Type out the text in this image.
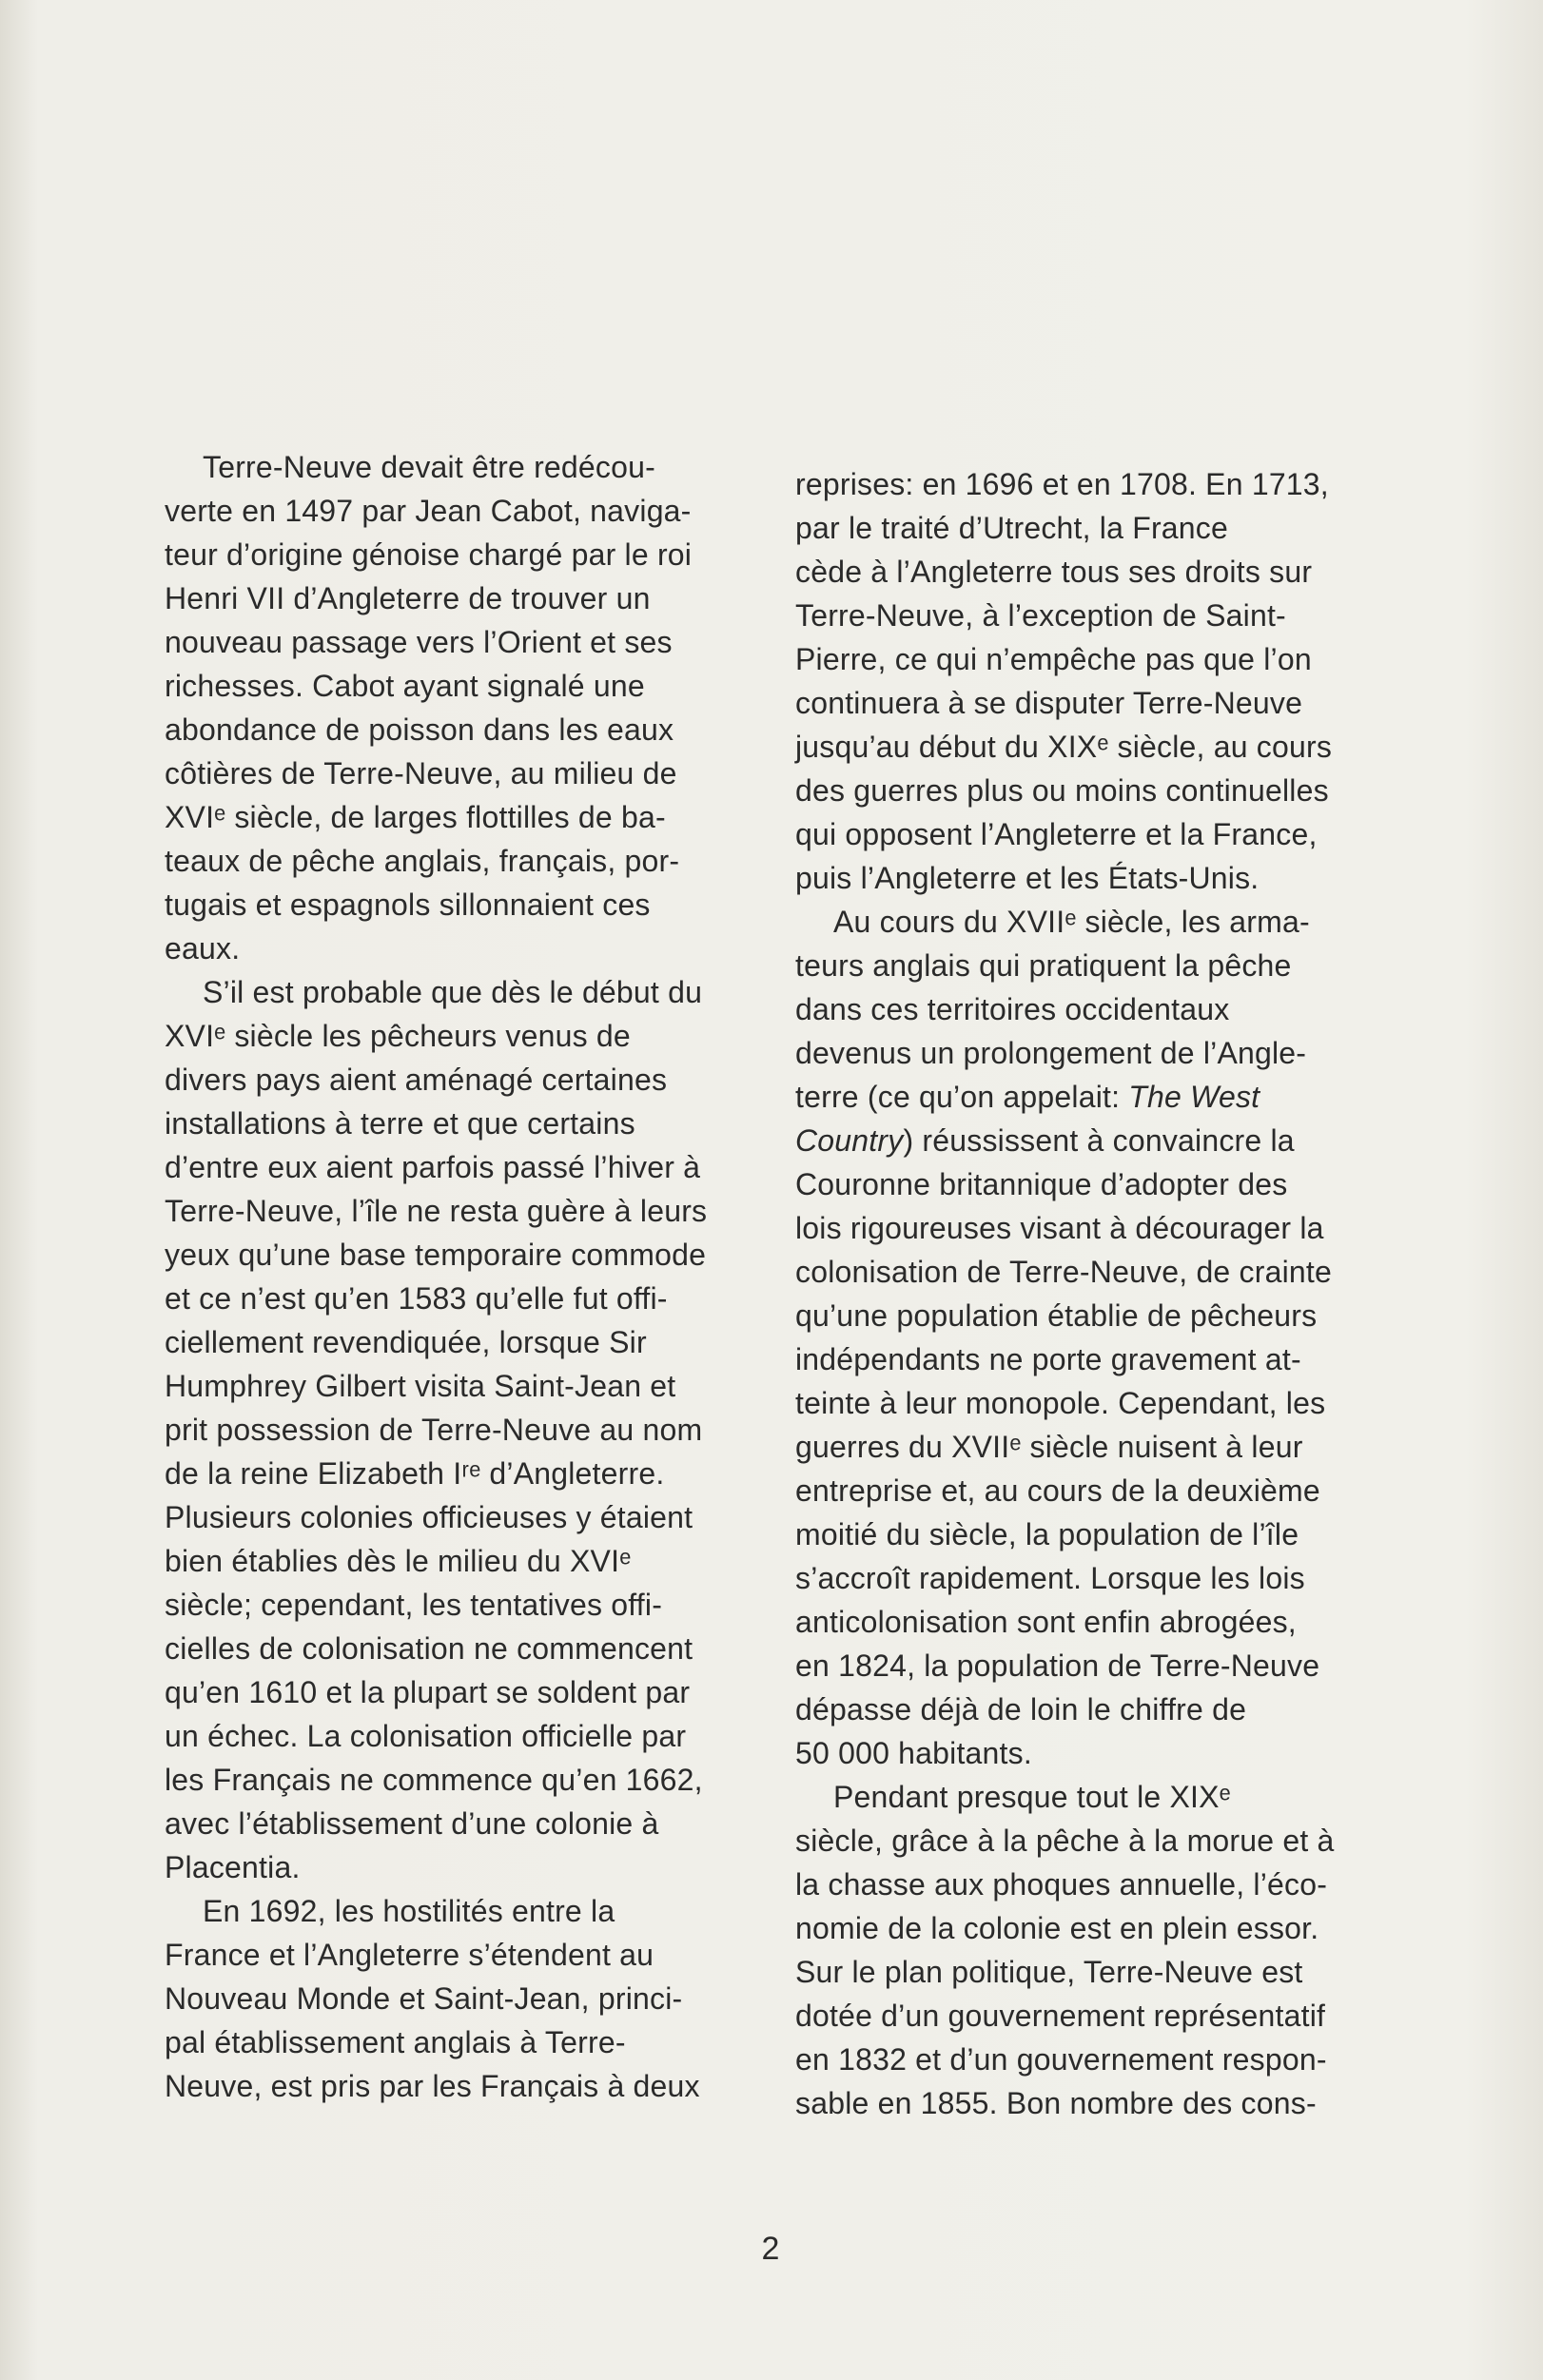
Terre-Neuve devait être redécou-
verte en 1497 par Jean Cabot, naviga-
teur d’origine génoise chargé par le roi
Henri VII d’Angleterre de trouver un
nouveau passage vers l’Orient et ses
richesses. Cabot ayant signalé une
abondance de poisson dans les eaux
côtières de Terre-Neuve, au milieu de
XVIᵉ siècle, de larges flottilles de ba-
teaux de pêche anglais, français, por-
tugais et espagnols sillonnaient ces
eaux.

S’il est probable que dès le début du
XVIᵉ siècle les pêcheurs venus de
divers pays aient aménagé certaines
installations à terre et que certains
d’entre eux aient parfois passé l’hiver à
Terre-Neuve, l’île ne resta guère à leurs
yeux qu’une base temporaire commode
et ce n’est qu’en 1583 qu’elle fut offi-
ciellement revendiquée, lorsque Sir
Humphrey Gilbert visita Saint-Jean et
prit possession de Terre-Neuve au nom
de la reine Elizabeth Iʳᵉ d’Angleterre.
Plusieurs colonies officieuses y étaient
bien établies dès le milieu du XVIᵉ
siècle; cependant, les tentatives offi-
cielles de colonisation ne commencent
qu’en 1610 et la plupart se soldent par
un échec. La colonisation officielle par
les Français ne commence qu’en 1662,
avec l’établissement d’une colonie à
Placentia.

En 1692, les hostilités entre la
France et l’Angleterre s’étendent au
Nouveau Monde et Saint-Jean, princi-
pal établissement anglais à Terre-
Neuve, est pris par les Français à deux

reprises: en 1696 et en 1708. En 1713,
par le traité d’Utrecht, la France
cède à l’Angleterre tous ses droits sur
Terre-Neuve, à l’exception de Saint-
Pierre, ce qui n’empêche pas que l’on
continuera à se disputer Terre-Neuve
jusqu’au début du XIXᵉ siècle, au cours
des guerres plus ou moins continuelles
qui opposent l’Angleterre et la France,
puis l’Angleterre et les États-Unis.

Au cours du XVIIᵉ siècle, les arma-
teurs anglais qui pratiquent la pêche
dans ces territoires occidentaux
devenus un prolongement de l’Angle-
terre (ce qu’on appelait: The West
Country) réussissent à convaincre la
Couronne britannique d’adopter des
lois rigoureuses visant à décourager la
colonisation de Terre-Neuve, de crainte
qu’une population établie de pêcheurs
indépendants ne porte gravement at-
teinte à leur monopole. Cependant, les
guerres du XVIIᵉ siècle nuisent à leur
entreprise et, au cours de la deuxième
moitié du siècle, la population de l’île
s’accroît rapidement. Lorsque les lois
anticolonisation sont enfin abrogées,
en 1824, la population de Terre-Neuve
dépasse déjà de loin le chiffre de
50 000 habitants.

Pendant presque tout le XIXᵉ
siècle, grâce à la pêche à la morue et à
la chasse aux phoques annuelle, l’éco-
nomie de la colonie est en plein essor.
Sur le plan politique, Terre-Neuve est
dotée d’un gouvernement représentatif
en 1832 et d’un gouvernement respon-
sable en 1855. Bon nombre des cons-

2
